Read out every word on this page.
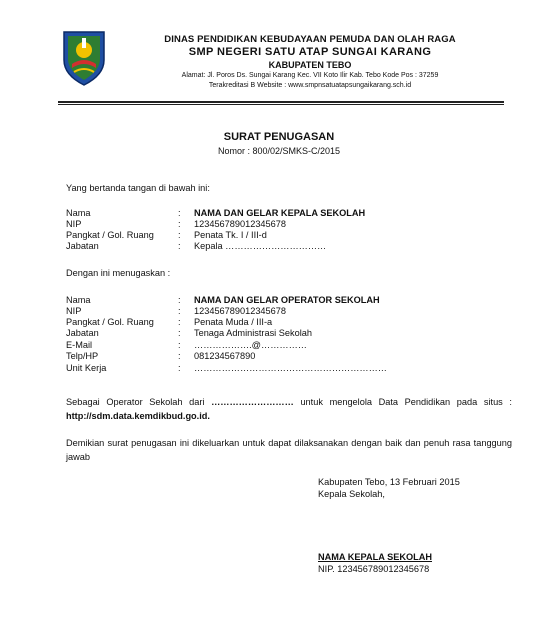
DINAS PENDIDIKAN KEBUDAYAAN PEMUDA DAN OLAH RAGA
SMP NEGERI SATU ATAP SUNGAI KARANG
KABUPATEN TEBO
Alamat: Jl. Poros Ds. Sungai Karang Kec. VII Koto Ilir Kab. Tebo Kode Pos : 37259
Terakreditasi B Website : www.smpnsatuatapsungaikarang.sch.id
SURAT PENUGASAN
Nomor : 800/02/SMKS-C/2015
Yang bertanda tangan di bawah ini:
Nama	: NAMA DAN GELAR KEPALA SEKOLAH
NIP	: 123456789012345678
Pangkat / Gol. Ruang	: Penata Tk. I / III-d
Jabatan	: Kepala ……………………………
Dengan ini menugaskan :
Nama	: NAMA DAN GELAR OPERATOR SEKOLAH
NIP	: 123456789012345678
Pangkat / Gol. Ruang	: Penata Muda / III-a
Jabatan	: Tenaga Administrasi Sekolah
E-Mail	: ……………….@……………
Telp/HP	: 081234567890
Unit Kerja	: ………………………………………………………
Sebagai Operator Sekolah dari ……………………… untuk mengelola Data Pendidikan pada situs : http://sdm.data.kemdikbud.go.id.
Demikian surat penugasan ini dikeluarkan untuk dapat dilaksanakan dengan baik dan penuh rasa tanggung jawab
Kabupaten Tebo, 13 Februari 2015
Kepala Sekolah,
NAMA KEPALA SEKOLAH
NIP. 123456789012345678
